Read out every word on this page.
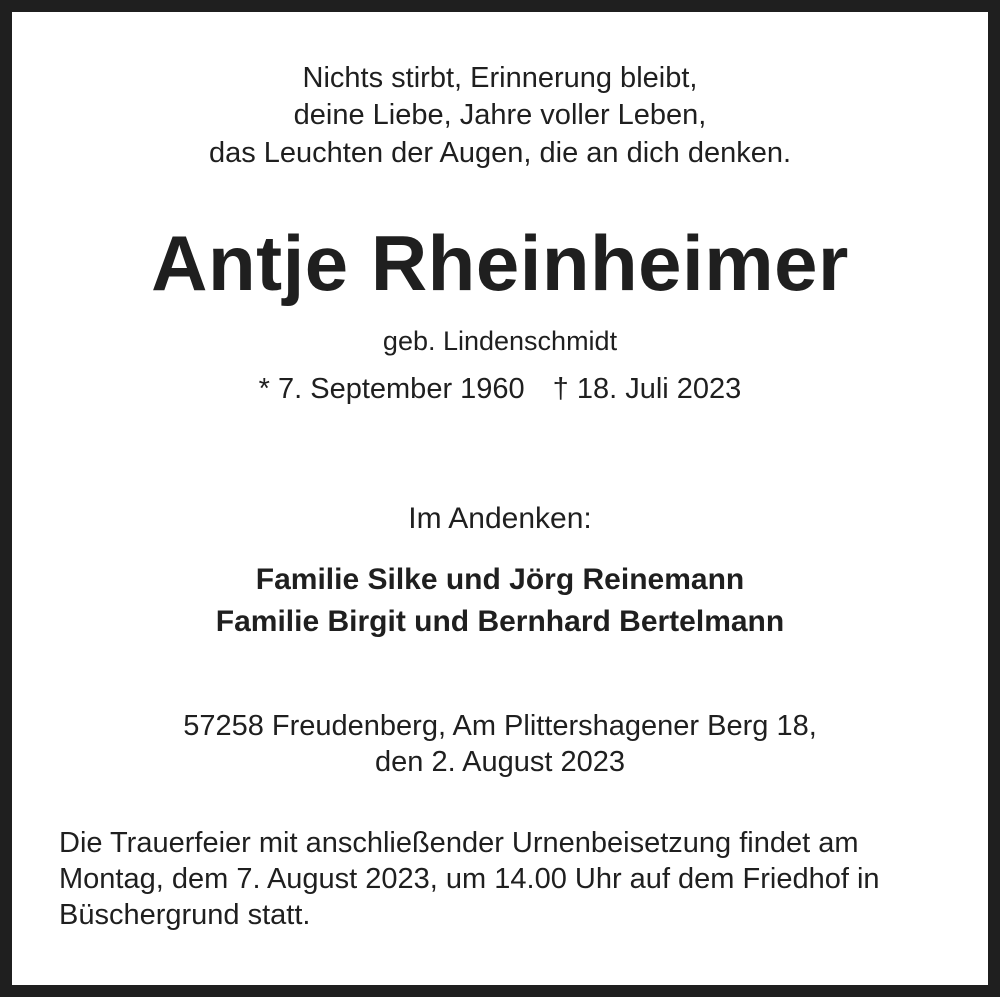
Nichts stirbt, Erinnerung bleibt,
deine Liebe, Jahre voller Leben,
das Leuchten der Augen, die an dich denken.
Antje Rheinheimer
geb. Lindenschmidt
* 7. September 1960 † 18. Juli 2023
Im Andenken:
Familie Silke und Jörg Reinemann
Familie Birgit und Bernhard Bertelmann
57258 Freudenberg, Am Plittershagener Berg 18,
den 2. August 2023
Die Trauerfeier mit anschließender Urnenbeisetzung findet am
Montag, dem 7. August 2023, um 14.00 Uhr auf dem Friedhof in
Büschergrund statt.
